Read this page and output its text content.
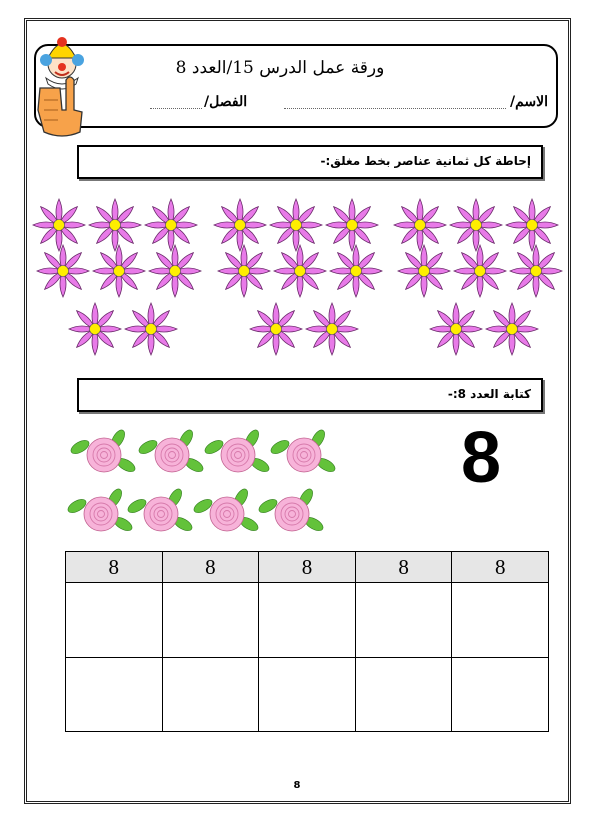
ورقة عمل الدرس 15/العدد 8
الاسم/
الفصل/
إحاطة كل ثمانية عناصر بخط مغلق:-
كتابة العدد 8:-
8
8	8	8	8	8

8
